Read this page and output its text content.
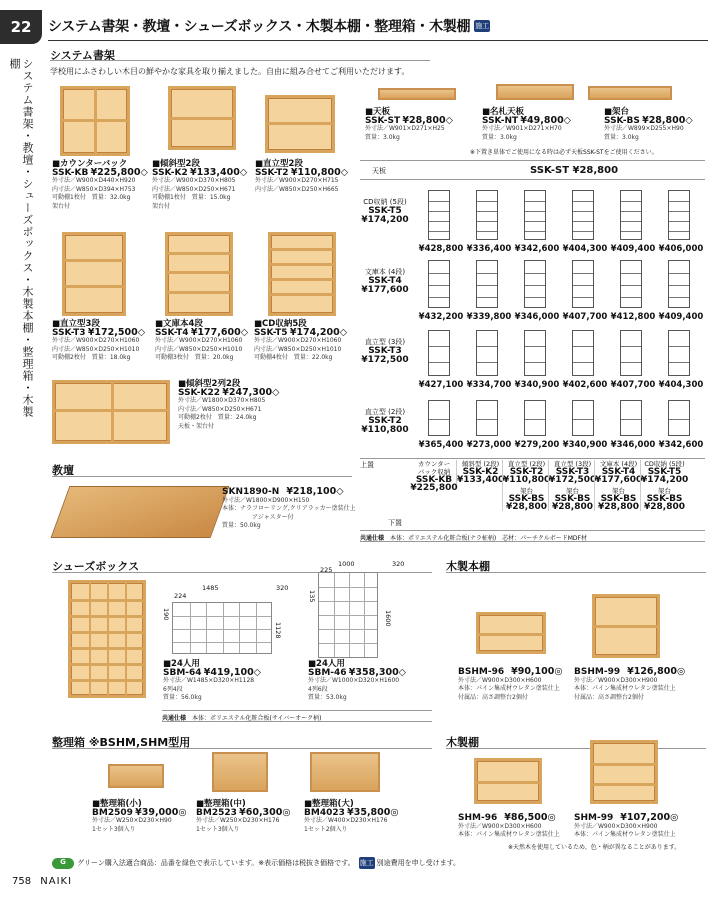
22
システム書架・教壇・シューズボックス・木製本棚・整理箱・木製棚
システム書架・教壇・シューズボックス・木製本棚・整理箱・木製棚 施工
システム書架
学校用にふさわしい木目の鮮やかな家具を取り揃えました。自由に組み合せてご利用いただけます。
■カウンターバック
SSK-KB ¥225,800◇
外寸法／W900×D440×H920
内寸法／W850×D394×H753
可動棚1枚付　質量：32.0kg
架台付
■傾斜型2段
SSK-K2 ¥133,400◇
外寸法／W900×D370×H805
内寸法／W850×D250×H671
可動棚1枚付　質量：15.0kg
架台付
■直立型2段
SSK-T2 ¥110,800◇
外寸法／W900×D270×H715
内寸法／W850×D250×H665
■直立型3段
SSK-T3 ¥172,500◇
外寸法／W900×D270×H1060
内寸法／W850×D250×H1010
可動棚2枚付　質量：18.0kg
■文庫本4段
SSK-T4 ¥177,600◇
外寸法／W900×D270×H1060
内寸法／W850×D250×H1010
可動棚3枚付　質量：20.0kg
■CD収納5段
SSK-T5 ¥174,200◇
外寸法／W900×D270×H1060
内寸法／W850×D250×H1010
可動棚4枚付　質量：22.0kg
■傾斜型2列2段
SSK-K22 ¥247,300◇
外寸法／W1800×D370×H805
内寸法／W850×D250×H671
可動棚2枚付　質量：24.0kg
天板・架台付
■天板
SSK-ST ¥28,800◇
外寸法／W901×D271×H25
質量：3.0kg
■名札天板
SSK-NT ¥49,800◇
外寸法／W901×D271×H70
質量：3.0kg
■架台
SSK-BS ¥28,800◇
外寸法／W899×D255×H90
質量：3.0kg
※下置き単体でご使用になる時は必ず天板SSK-STをご使用ください。
天板	SSK-ST ¥28,800
CD収納 (5段)
SSK-T5
¥174,200
¥428,800 ¥336,400 ¥342,600 ¥404,300 ¥409,400 ¥406,000
文庫本 (4段)
SSK-T4
¥177,600
¥432,200 ¥339,800 ¥346,000 ¥407,700 ¥412,800 ¥409,400
直立型 (3段)
SSK-T3
¥172,500
¥427,100 ¥334,700 ¥340,900 ¥402,600 ¥407,700 ¥404,300
直立型 (2段)
SSK-T2
¥110,800
¥365,400 ¥273,000 ¥279,200 ¥340,900 ¥346,000 ¥342,600
上置
下置
カウンター
バック収納
SSK-KB
¥225,800
傾斜型 (2段)
SSK-K2
¥133,400
直立型 (2段)
SSK-T2
¥110,800
架台
SSK-BS
¥28,800
直立型 (3段)
SSK-T3
¥172,500
架台
SSK-BS
¥28,800
文庫本 (4段)
SSK-T4
¥177,600
架台
SSK-BS
¥28,800
CD収納 (5段)
SSK-T5
¥174,200
架台
SSK-BS
¥28,800
共通仕様　 本体：ポリエステル化粧合板(ナラ柾柄)　芯材：パーチクルボードMDF材
教壇
SKN1890-N　 ¥218,100◇
外寸法／W1800×D900×H150
本体：ナラフローリング,クリアラッカー塗装仕上
アジャスター付
質量：50.0kg
シューズボックス
1485
224
320
1128
190
1000
225
320
1600
135
■24人用
SBM-64 ¥419,100◇
外寸法／W1485×D320×H1128
6列4段
質量：56.0kg
■24人用
SBM-46 ¥358,300◇
外寸法／W1000×D320×H1600
4列6段
質量：53.0kg
共通仕様　 本体：ポリエステル化粧合板(サイバーオーク柄)
木製本棚
BSHM-96　 ¥90,100◎
外寸法／W900×D300×H600
本体：パイン集成材ウレタン塗装仕上
付属品：高さ調整台2個付
BSHM-99　 ¥126,800◎
外寸法／W900×D300×H900
本体：パイン集成材ウレタン塗装仕上
付属品：高さ調整台2個付
整理箱 ※BSHM,SHM型用
■整理箱(小)
BM2509 ¥39,000◎
外寸法／W250×D230×H90
1セット3個入り
■整理箱(中)
BM2523 ¥60,300◎
外寸法／W250×D230×H176
1セット3個入り
■整理箱(大)
BM4023 ¥35,800◎
外寸法／W400×D230×H176
1セット2個入り
木製棚
SHM-96　 ¥86,500◎
外寸法／W900×D300×H600
本体：パイン集成材ウレタン塗装仕上
SHM-99　 ¥107,200◎
外寸法／W900×D300×H900
本体：パイン集成材ウレタン塗装仕上
※天然木を使用しているため、色・柄が異なることがあります。
G	グリーン購入法適合商品：品番を緑色で表示しています。※表示価格は税抜き価格です。 施工 別途費用を申し受けます。
758 NAIKI
